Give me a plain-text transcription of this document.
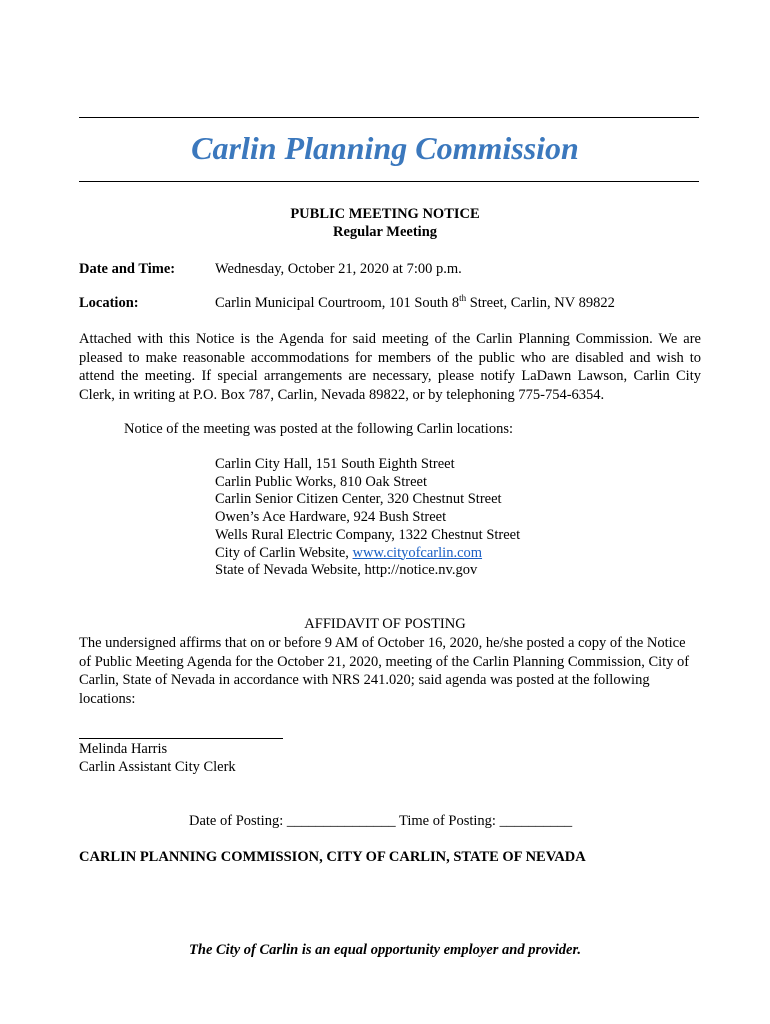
Carlin Planning Commission
PUBLIC MEETING NOTICE
Regular Meeting
Date and Time:	Wednesday, October 21, 2020 at 7:00 p.m.
Location:	Carlin Municipal Courtroom, 101 South 8th Street, Carlin, NV 89822
Attached with this Notice is the Agenda for said meeting of the Carlin Planning Commission. We are pleased to make reasonable accommodations for members of the public who are disabled and wish to attend the meeting. If special arrangements are necessary, please notify LaDawn Lawson, Carlin City Clerk, in writing at P.O. Box 787, Carlin, Nevada 89822, or by telephoning 775-754-6354.
Notice of the meeting was posted at the following Carlin locations:
Carlin City Hall, 151 South Eighth Street
Carlin Public Works, 810 Oak Street
Carlin Senior Citizen Center, 320 Chestnut Street
Owen’s Ace Hardware, 924 Bush Street
Wells Rural Electric Company, 1322 Chestnut Street
City of Carlin Website, www.cityofcarlin.com
State of Nevada Website, http://notice.nv.gov
AFFIDAVIT OF POSTING
The undersigned affirms that on or before 9 AM of October 16, 2020, he/she posted a copy of the Notice of Public Meeting Agenda for the October 21, 2020, meeting of the Carlin Planning Commission, City of Carlin, State of Nevada in accordance with NRS 241.020; said agenda was posted at the following locations:
Melinda Harris
Carlin Assistant City Clerk
Date of Posting: _______________ Time of Posting: __________
CARLIN PLANNING COMMISSION, CITY OF CARLIN, STATE OF NEVADA
The City of Carlin is an equal opportunity employer and provider.
